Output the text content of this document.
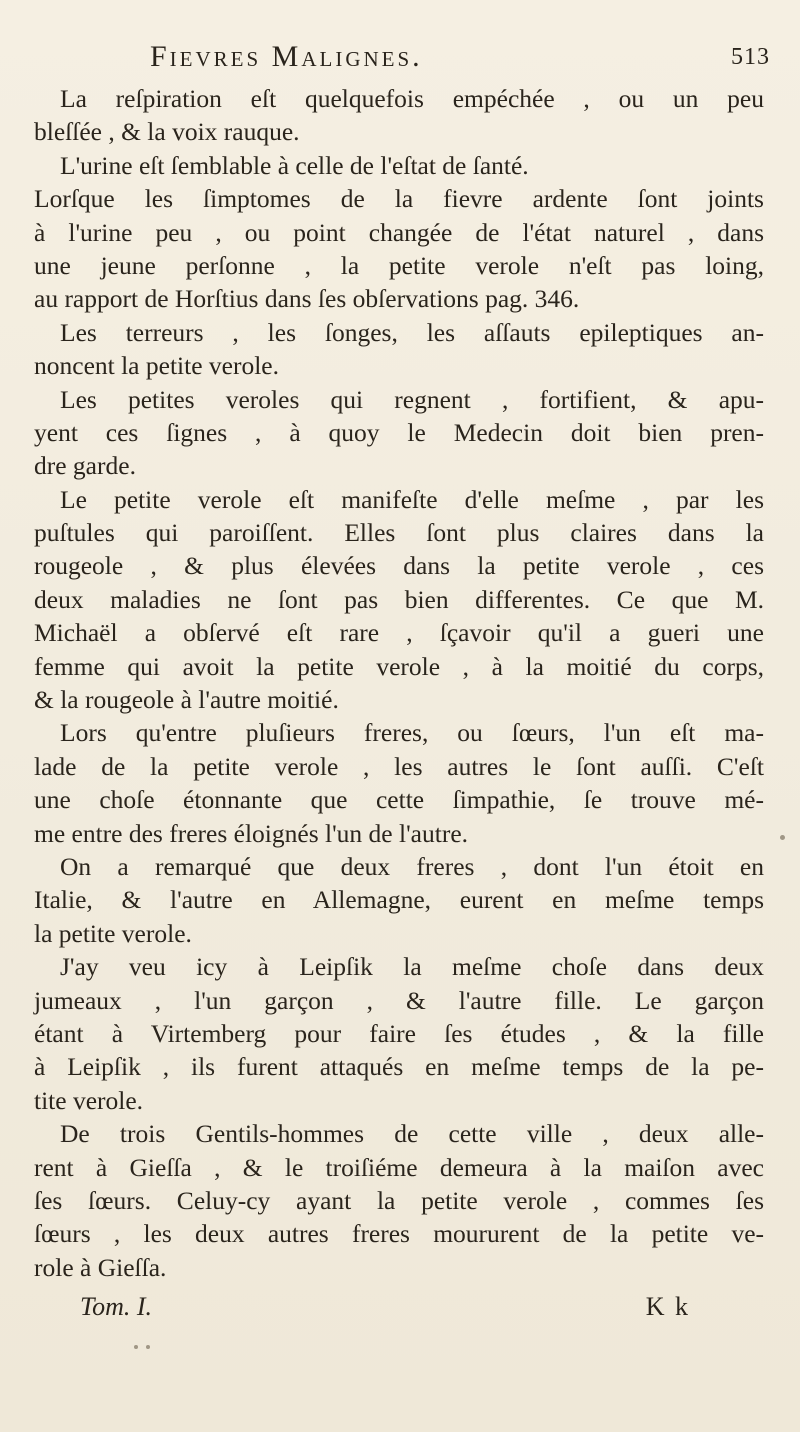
Fievres Malignes.	513
La reſpiration eſt quelquefois empéchée , ou un peu
bleſſée , & la voix rauque.
L'urine eſt ſemblable à celle de l'eſtat de ſanté.
Lorſque les ſimptomes de la fievre ardente ſont joints
à l'urine peu , ou point changée de l'état naturel , dans
une jeune perſonne , la petite verole n'eſt pas loing,
au rapport de Horſtius dans ſes obſervations pag. 346.
Les terreurs , les ſonges, les aſſauts epileptiques an-
noncent la petite verole.
Les petites veroles qui regnent , fortifient, & apu-
yent ces ſignes , à quoy le Medecin doit bien pren-
dre garde.
Le petite verole eſt manifeſte d'elle meſme , par les
puſtules qui paroiſſent. Elles ſont plus claires dans la
rougeole , & plus élevées dans la petite verole , ces
deux maladies ne ſont pas bien differentes. Ce que M.
Michaël a obſervé eſt rare , ſçavoir qu'il a gueri une
femme qui avoit la petite verole , à la moitié du corps,
& la rougeole à l'autre moitié.
Lors qu'entre pluſieurs freres, ou ſœurs, l'un eſt ma-
lade de la petite verole , les autres le ſont auſſi. C'eſt
une choſe étonnante que cette ſimpathie, ſe trouve mé-
me entre des freres éloignés l'un de l'autre.
On a remarqué que deux freres , dont l'un étoit en
Italie, & l'autre en Allemagne, eurent en meſme temps
la petite verole.
J'ay veu icy à Leipſik la meſme choſe dans deux
jumeaux , l'un garçon , & l'autre fille. Le garçon
étant à Virtemberg pour faire ſes études , & la fille
à Leipſik , ils furent attaqués en meſme temps de la pe-
tite verole.
De trois Gentils-hommes de cette ville , deux alle-
rent à Gieſſa , & le troiſiéme demeura à la maiſon avec
ſes ſœurs. Celuy-cy ayant la petite verole , commes ſes
ſœurs , les deux autres freres moururent de la petite ve-
role à Gieſſa.
Tom. I.	K k
